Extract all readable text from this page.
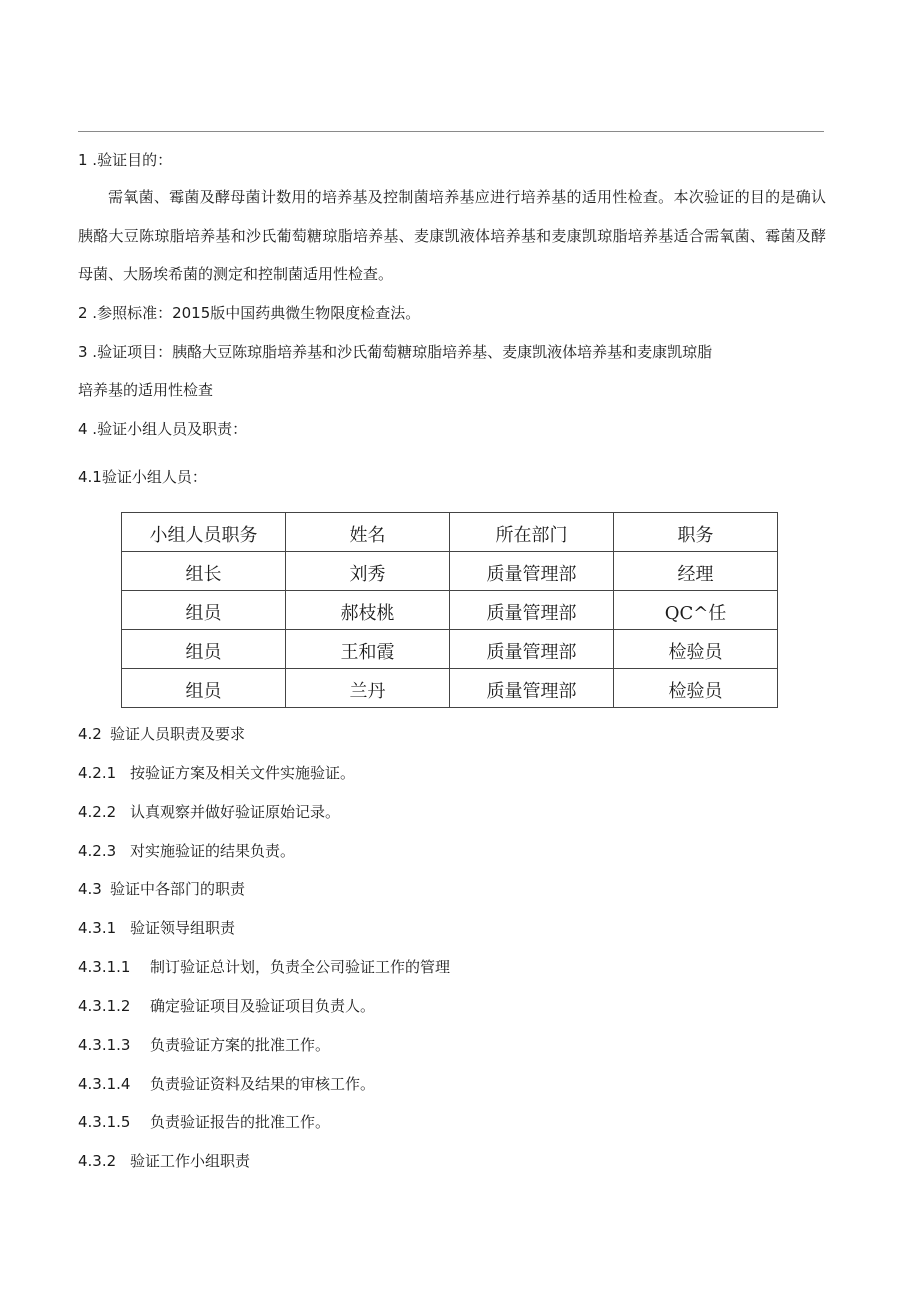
1 .验证目的：

需氧菌、霉菌及酵母菌计数用的培养基及控制菌培养基应进行培养基的适用性检查。本次验证的目的是确认胰酪大豆陈琼脂培养基和沙氏葡萄糖琼脂培养基、麦康凯液体培养基和麦康凯琼脂培养基适合需氧菌、霉菌及酵母菌、大肠埃希菌的测定和控制菌适用性检查。

2 .参照标准：2015版中国药典微生物限度检查法。
3 .验证项目：胰酪大豆陈琼脂培养基和沙氏葡萄糖琼脂培养基、麦康凯液体培养基和麦康凯琼脂
培养基的适用性检查
4 .验证小组人员及职责：
4.1验证小组人员：
小组人员职务	姓名	所在部门	职务
组长	刘秀	质量管理部	经理
组员	郝枝桃	质量管理部	QC^任
组员	王和霞	质量管理部	检验员
组员	兰丹	质量管理部	检验员
4.2 验证人员职责及要求
4.2.1 按验证方案及相关文件实施验证。
4.2.2 认真观察并做好验证原始记录。
4.2.3 对实施验证的结果负责。
4.3 验证中各部门的职责
4.3.1 验证领导组职责
4.3.1.1 制订验证总计划，负责全公司验证工作的管理
4.3.1.2 确定验证项目及验证项目负责人。
4.3.1.3 负责验证方案的批准工作。
4.3.1.4 负责验证资料及结果的审核工作。
4.3.1.5 负责验证报告的批准工作。
4.3.2 验证工作小组职责
